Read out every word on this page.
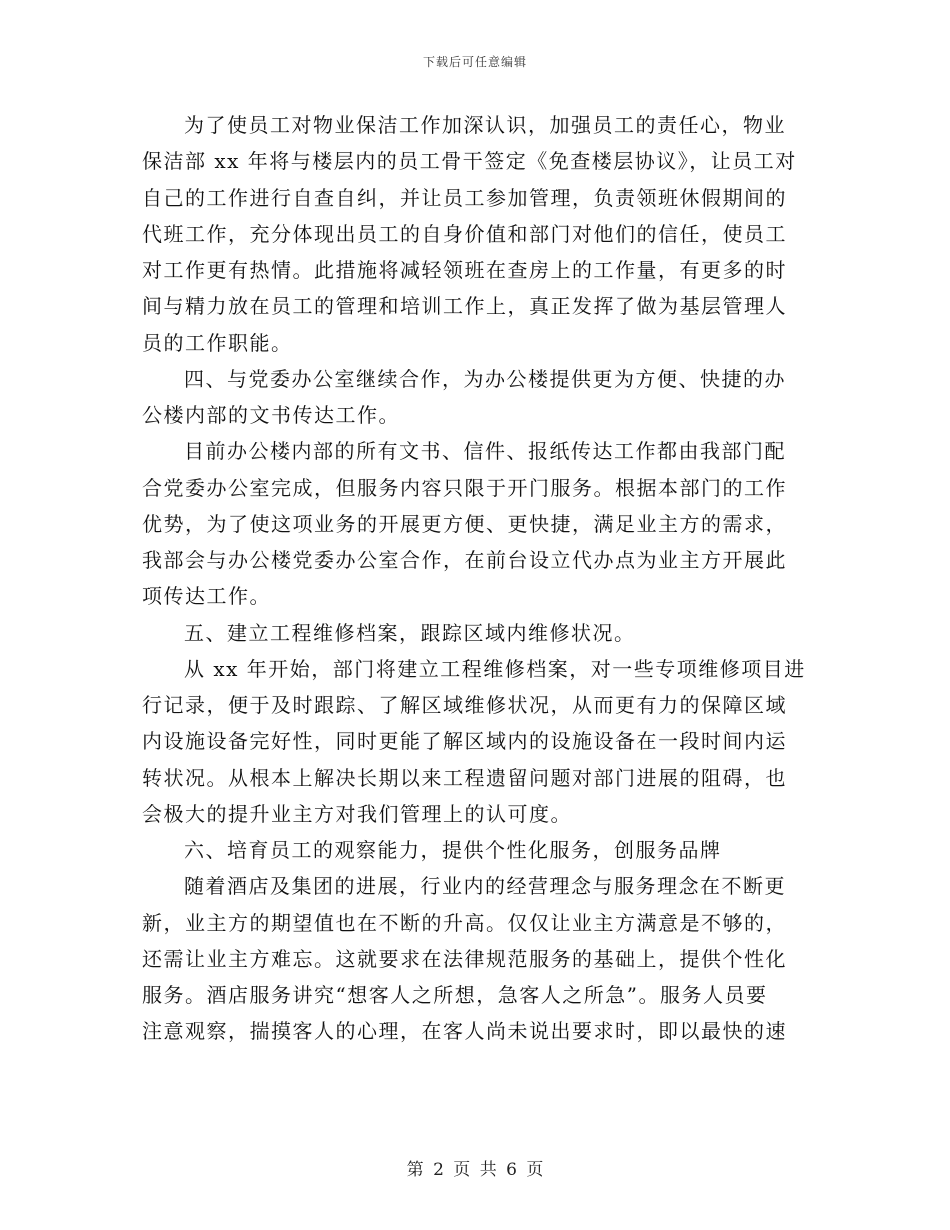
下载后可任意编辑
为了使员工对物业保洁工作加深认识，加强员工的责任心，物业
保洁部 xx 年将与楼层内的员工骨干签定《免查楼层协议》，让员工对
自己的工作进行自查自纠，并让员工参加管理，负责领班休假期间的
代班工作，充分体现出员工的自身价值和部门对他们的信任，使员工
对工作更有热情。此措施将减轻领班在查房上的工作量，有更多的时
间与精力放在员工的管理和培训工作上，真正发挥了做为基层管理人
员的工作职能。
四、与党委办公室继续合作，为办公楼提供更为方便、快捷的办
公楼内部的文书传达工作。
目前办公楼内部的所有文书、信件、报纸传达工作都由我部门配
合党委办公室完成，但服务内容只限于开门服务。根据本部门的工作
优势，为了使这项业务的开展更方便、更快捷，满足业主方的需求，
我部会与办公楼党委办公室合作，在前台设立代办点为业主方开展此
项传达工作。
五、建立工程维修档案，跟踪区域内维修状况。
从 xx 年开始，部门将建立工程维修档案，对一些专项维修项目进
行记录，便于及时跟踪、了解区域维修状况，从而更有力的保障区域
内设施设备完好性，同时更能了解区域内的设施设备在一段时间内运
转状况。从根本上解决长期以来工程遗留问题对部门进展的阻碍，也
会极大的提升业主方对我们管理上的认可度。
六、培育员工的观察能力，提供个性化服务，创服务品牌
随着酒店及集团的进展，行业内的经营理念与服务理念在不断更
新，业主方的期望值也在不断的升高。仅仅让业主方满意是不够的，
还需让业主方难忘。这就要求在法律规范服务的基础上，提供个性化
服务。酒店服务讲究“想客人之所想，急客人之所急”。服务人员要
注意观察，揣摸客人的心理，在客人尚未说出要求时，即以最快的速
第 2 页 共 6 页
